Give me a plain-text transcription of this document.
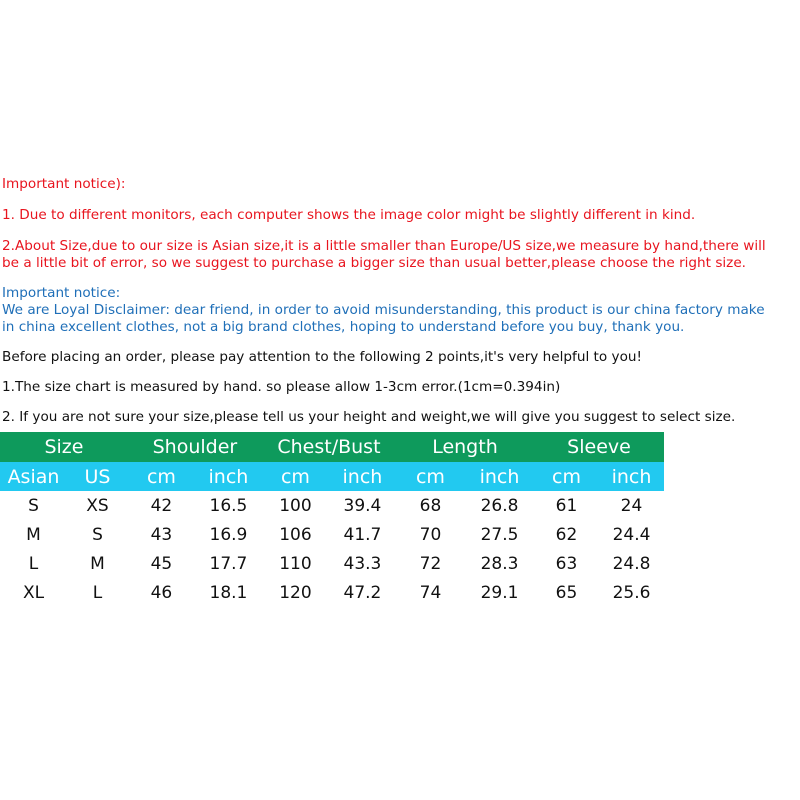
Important notice):

1. Due to different monitors, each computer shows the image color might be slightly different in kind.

2.About Size,due to our size is Asian size,it is a little smaller than Europe/US size,we measure by hand,there will

be a little bit of error, so we suggest to purchase a bigger size than usual better,please choose the right size.

Important notice:

We are Loyal Disclaimer: dear friend, in order to avoid misunderstanding, this product is our china factory make

in china excellent clothes, not a big brand clothes, hoping to understand before you buy, thank you.

Before placing an order, please pay attention to the following 2 points,it's very helpful to you!

1.The size chart is measured by hand. so please allow 1-3cm error.(1cm=0.394in)

2. If you are not sure your size,please tell us your height and weight,we will give you suggest to select size.

Size		Shoulder		Chest/Bust		Length		Sleeve	
Asian	US	cm	inch	cm	inch	cm	inch	cm	inch
S	XS	42	16.5	100	39.4	68	26.8	61	24
M	S	43	16.9	106	41.7	70	27.5	62	24.4
L	M	45	17.7	110	43.3	72	28.3	63	24.8
XL	L	46	18.1	120	47.2	74	29.1	65	25.6
